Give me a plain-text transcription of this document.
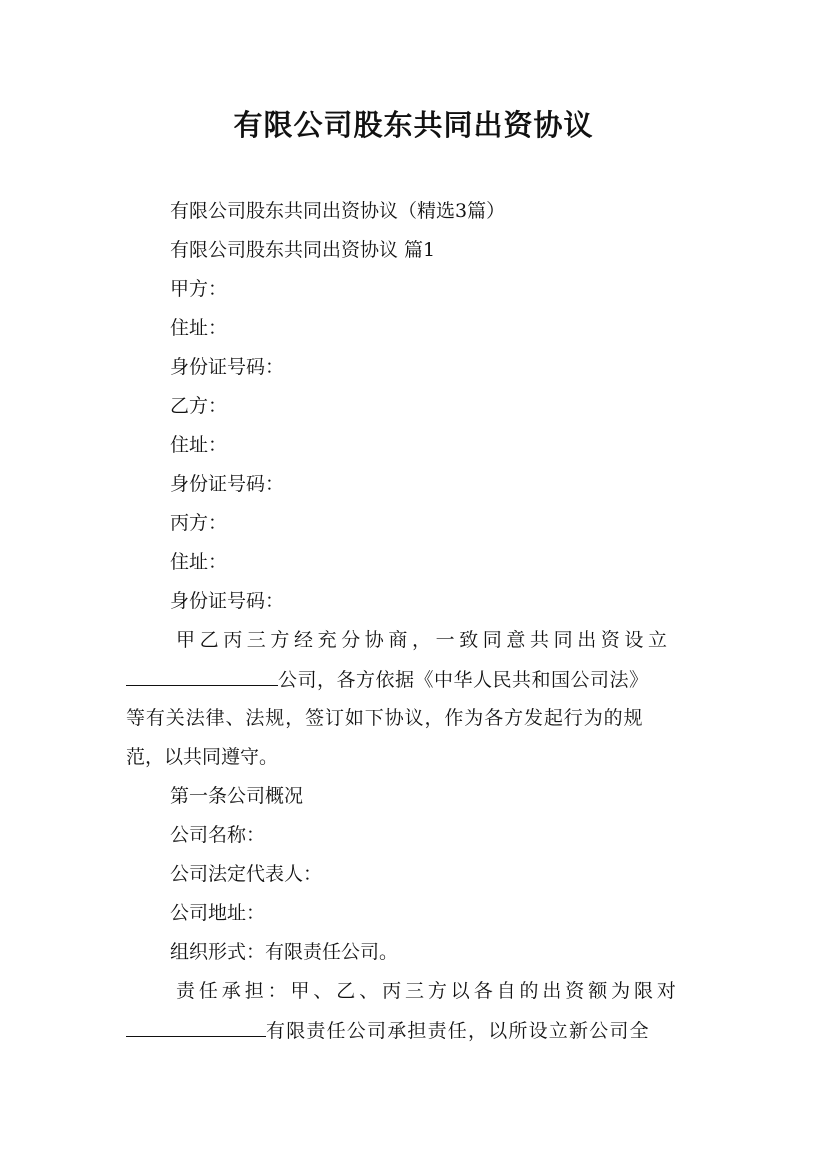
有限公司股东共同出资协议
有限公司股东共同出资协议（精选3篇）
有限公司股东共同出资协议 篇1
甲方：
住址：
身份证号码：
乙方：
住址：
身份证号码：
丙方：
住址：
身份证号码：
甲乙丙三方经充分协商，一致同意共同出资设立
公司，各方依据《中华人民共和国公司法》
等有关法律、法规，签订如下协议，作为各方发起行为的规
范，以共同遵守。
第一条公司概况
公司名称：
公司法定代表人：
公司地址：
组织形式：有限责任公司。
责任承担：甲、乙、丙三方以各自的出资额为限对
有限责任公司承担责任，以所设立新公司全
